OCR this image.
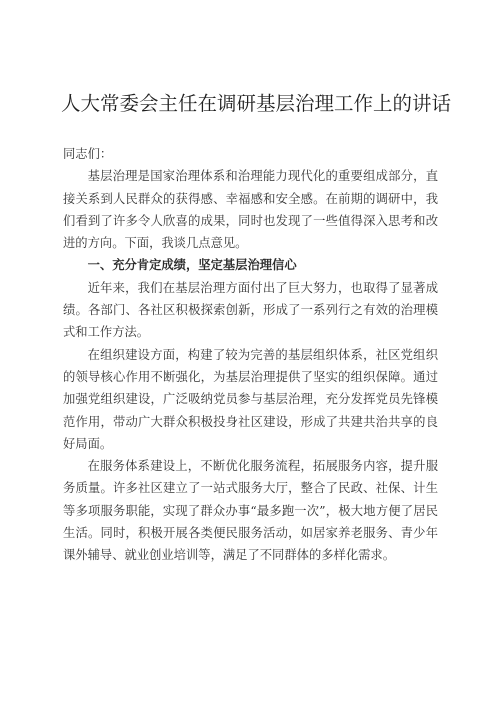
人大常委会主任在调研基层治理工作上的讲话

同志们：

基层治理是国家治理体系和治理能力现代化的重要组成部分，直接关系到人民群众的获得感、幸福感和安全感。在前期的调研中，我们看到了许多令人欣喜的成果，同时也发现了一些值得深入思考和改进的方向。下面，我谈几点意见。

一、充分肯定成绩，坚定基层治理信心

近年来，我们在基层治理方面付出了巨大努力，也取得了显著成绩。各部门、各社区积极探索创新，形成了一系列行之有效的治理模式和工作方法。

在组织建设方面，构建了较为完善的基层组织体系，社区党组织的领导核心作用不断强化，为基层治理提供了坚实的组织保障。通过加强党组织建设，广泛吸纳党员参与基层治理，充分发挥党员先锋模范作用，带动广大群众积极投身社区建设，形成了共建共治共享的良好局面。

在服务体系建设上，不断优化服务流程，拓展服务内容，提升服务质量。许多社区建立了一站式服务大厅，整合了民政、社保、计生等多项服务职能，实现了群众办事“最多跑一次”，极大地方便了居民生活。同时，积极开展各类便民服务活动，如居家养老服务、青少年课外辅导、就业创业培训等，满足了不同群体的多样化需求。
